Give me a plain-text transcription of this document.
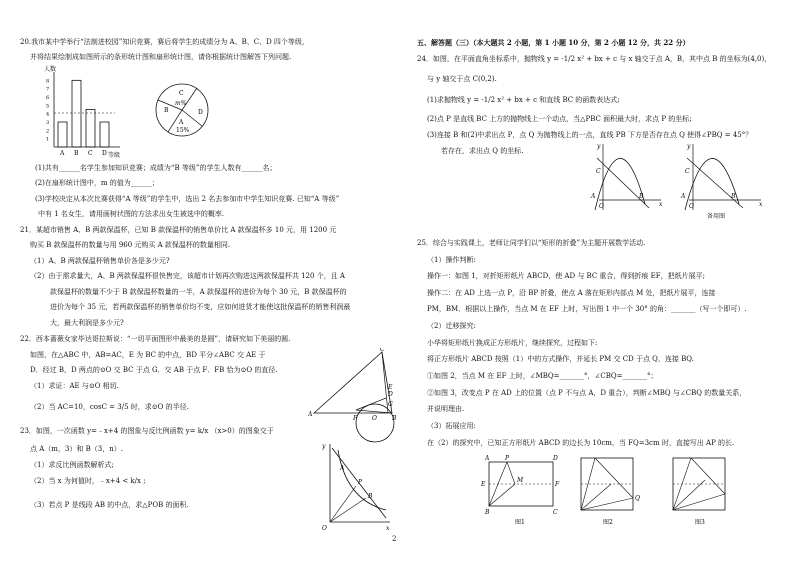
20.我市某中学举行“法制进校园”知识竞赛，赛后将学生的成绩分为 A、B、C、D 四个等级，
并将结果绘制成如图所示的条形统计图和扇形统计图，请你根据统计图解答下列问题.
人数
等级
1
2
3
4
5
6
7
8
A B C D
C
m%
D
A
15%
B
(1)共有______名学生参加知识竞赛；成绩为“B 等级”的学生人数有______名；
(2)在扇形统计图中，m 的值为______；
(3)学校决定从本次比赛获得“A 等级”的学生中，选出 2 名去参加市中学生知识竞赛. 已知“A 等级”
中有 1 名女生，请用画树状图的方法求出女生被选中的概率.
21．某超市销售 A、B 两款保温杯，已知 B 款保温杯的销售单价比 A 款保温杯多 10 元，用 1200 元
购买 B 款保温杯的数量与用 960 元购买 A 款保温杯的数量相同.
（1）A、B 两款保温杯销售单价各是多少元?
（2）由于需求量大，A、B 两款保温杯很快售完，该超市计划再次购进这两款保温杯共 120 个，且 A
款保温杯的数量不少于 B 款保温杯数量的一半，A 款保温杯的进价为每个 30 元，B 款保温杯的
进价为每个 35 元，若两款保温杯的销售单价均不变，应如何进货才能使这批保温杯的销售利润最
大，最大利润是多少元?
22．西本蔷薇女家毕达哥拉斯说：“一切平面图形中最美的是圆”，请研究如下美丽的圆.
如图，在△ABC 中，AB=AC，E 为 BC 的中点，BD 平分∠ABC 交 AE 于
D．经过 B，D 两点的⊙O 交 BC 于点 G．交 AB 于点 F．FB 恰为⊙O 的直径.
（1）求证：AE 与⊙O 相切.
（2）当 AC=10，cosC = 3/5 时，求⊙O 的半径.
A
B
C
D
E
F
G
O
23．如图，一次函数 y=﹣x+4 的图象与反比例函数 y= k/x （x>0）的图象交于
点 A（m，3）和 B（3，n）.
（1）求反比例函数解析式;
（2）当 x 为何值时，﹣x+4 < k/x ;
（3）若点 P 是线段 AB 的中点，求△POB 的面积.
y
A
P
B
O	x
五、解答题（三）（本大题共 2 小题，第 1 小题 10 分，第 2 小题 12 分，共 22 分）
24．如图，在平面直角坐标系中，抛物线 y = -1/2 x² + bx + c 与 x 轴交于点 A，B，其中点 B 的坐标为(4,0)，
与 y 轴交于点 C(0,2).
(1)求抛物线 y = -1/2 x² + bx + c 和直线 BC 的函数表达式;
(2)点 P 是直线 BC 上方的抛物线上一个动点，当△PBC 面积最大时，求点 P 的坐标;
(3)连接 B 和(2)中求出点 P，点 Q 为抛物线上的一点，直线 PB 下方是否存在点 Q 使得∠PBQ = 45°？
若存在，求出点 Q 的坐标.
y
C
A
O
B
x
y
C
A
O
B
x
备用图
25．综合与实践课上，老师让同学们以“矩形的折叠”为主题开展数学活动.
（1）操作判断:
操作一：如图 1，对折矩形纸片 ABCD，使 AD 与 BC 重合，得到折痕 EF，把纸片展平;
操作二：在 AD 上选一点 P，沿 BP 折叠，使点 A 落在矩形内部点 M 处，把纸片展平，连接
PM，BM．根据以上操作，当点 M 在 EF 上时，写出图 1 中一个 30° 的角：_______（写一个即可）.
（2）迁移探究:
小华将矩形纸片换成正方形纸片，继续探究，过程如下:
将正方形纸片 ABCD 按照（1）中的方式操作，并延长 PM 交 CD 于点 Q，连接 BQ.
①如图 2，当点 M 在 EF 上时，∠MBQ=_______°，∠CBQ=_______°；
②如图 3，改变点 P 在 AD 上的位置（点 P 不与点 A，D 重合），判断∠MBQ 与∠CBQ 的数量关系，
并说明理由.
（3）拓展应用:
在（2）的探究中，已知正方形纸片 ABCD 的边长为 10cm，当 FQ=3cm 时，直接写出 AP 的长.
A	P	D
E
M
F
B	C
图1	图2
Q
图3
2
